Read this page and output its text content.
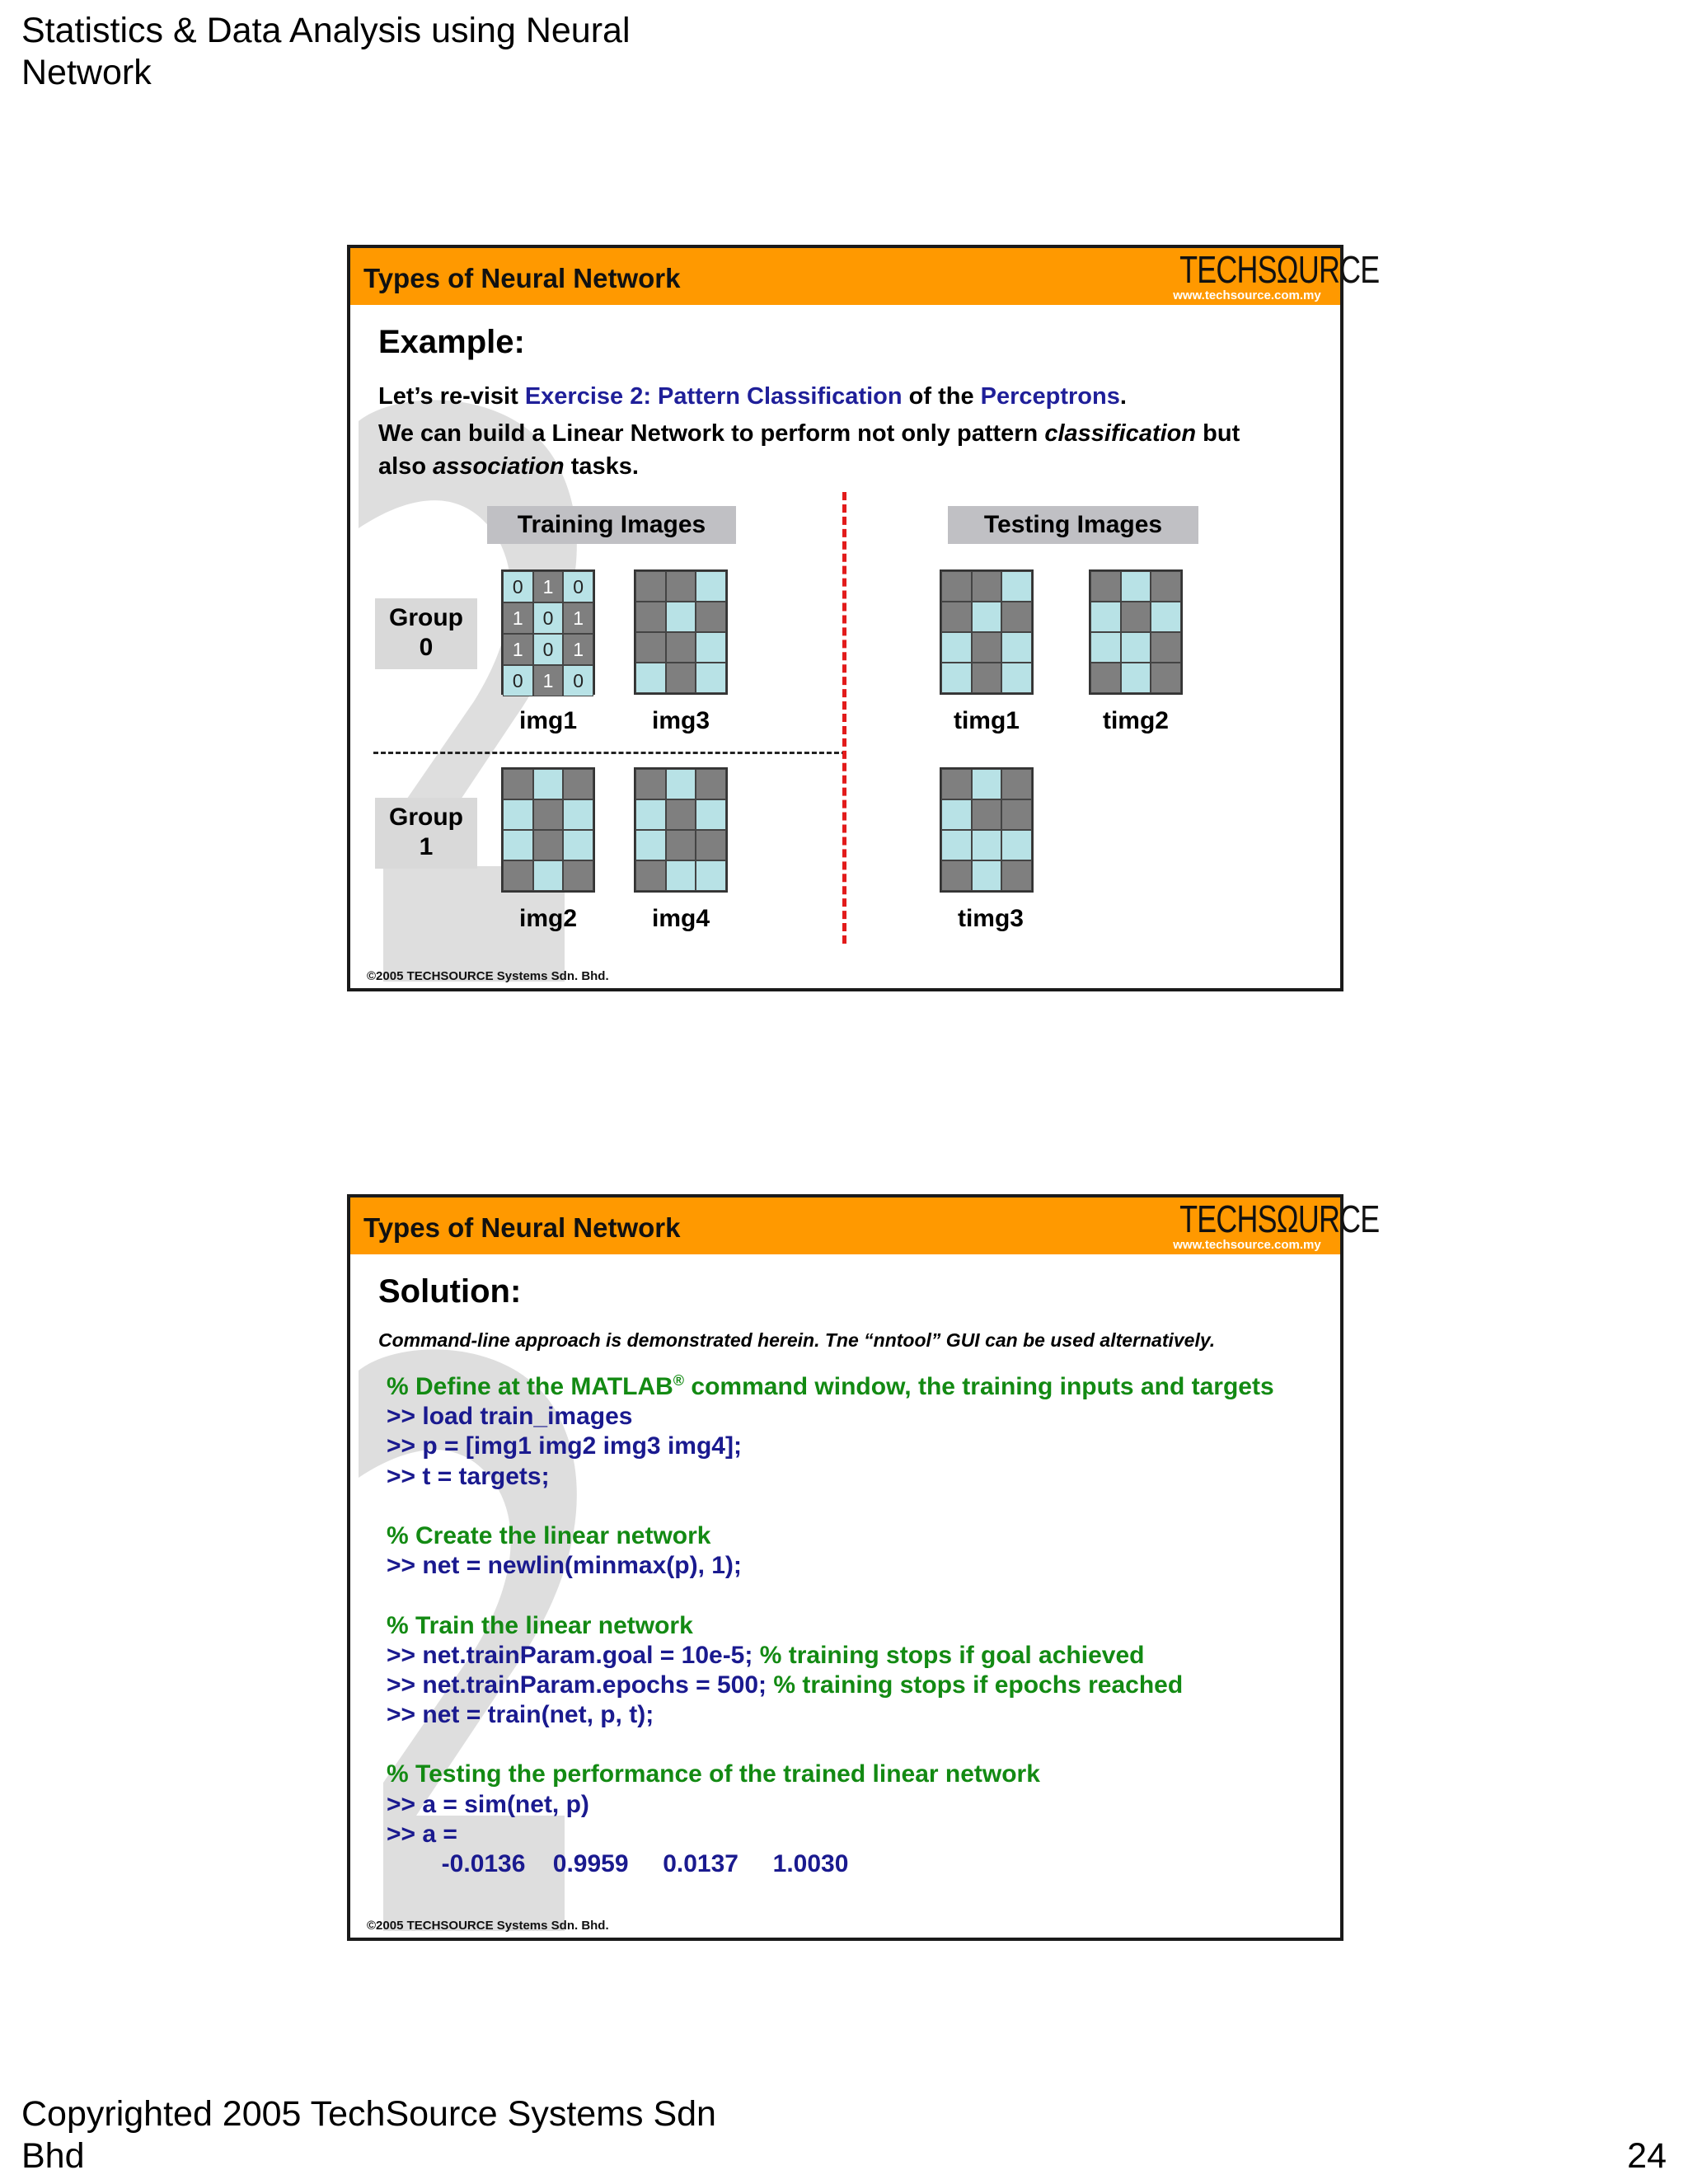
Statistics & Data Analysis using Neural Network
Types of Neural Network	TECHSΩURCE
www.techsource.com.my
Example:
Let’s re-visit Exercise 2: Pattern Classification of the Perceptrons.
We can build a Linear Network to perform not only pattern classification but also association tasks.
Training Images	Testing Images
Group
0
Group
1
0	1	0
1	0	1
1	0	1
0	1	0
img1	img3	timg1	timg2
img2	img4	timg3
©2005 TECHSOURCE Systems Sdn. Bhd.
Types of Neural Network	TECHSΩURCE
www.techsource.com.my
Solution:
Command-line approach is demonstrated herein. Tne “nntool” GUI can be used alternatively.
% Define at the MATLAB® command window, the training inputs and targets
>> load train_images
>> p = [img1 img2 img3 img4];
>> t = targets;
% Create the linear network
>> net = newlin(minmax(p), 1);
% Train the linear network
>> net.trainParam.goal = 10e-5; % training stops if goal achieved
>> net.trainParam.epochs = 500; % training stops if epochs reached
>> net = train(net, p, t);
% Testing the performance of the trained linear network
>> a = sim(net, p)
>> a =
-0.0136    0.9959     0.0137     1.0030
©2005 TECHSOURCE Systems Sdn. Bhd.
Copyrighted 2005 TechSource Systems Sdn Bhd	24
